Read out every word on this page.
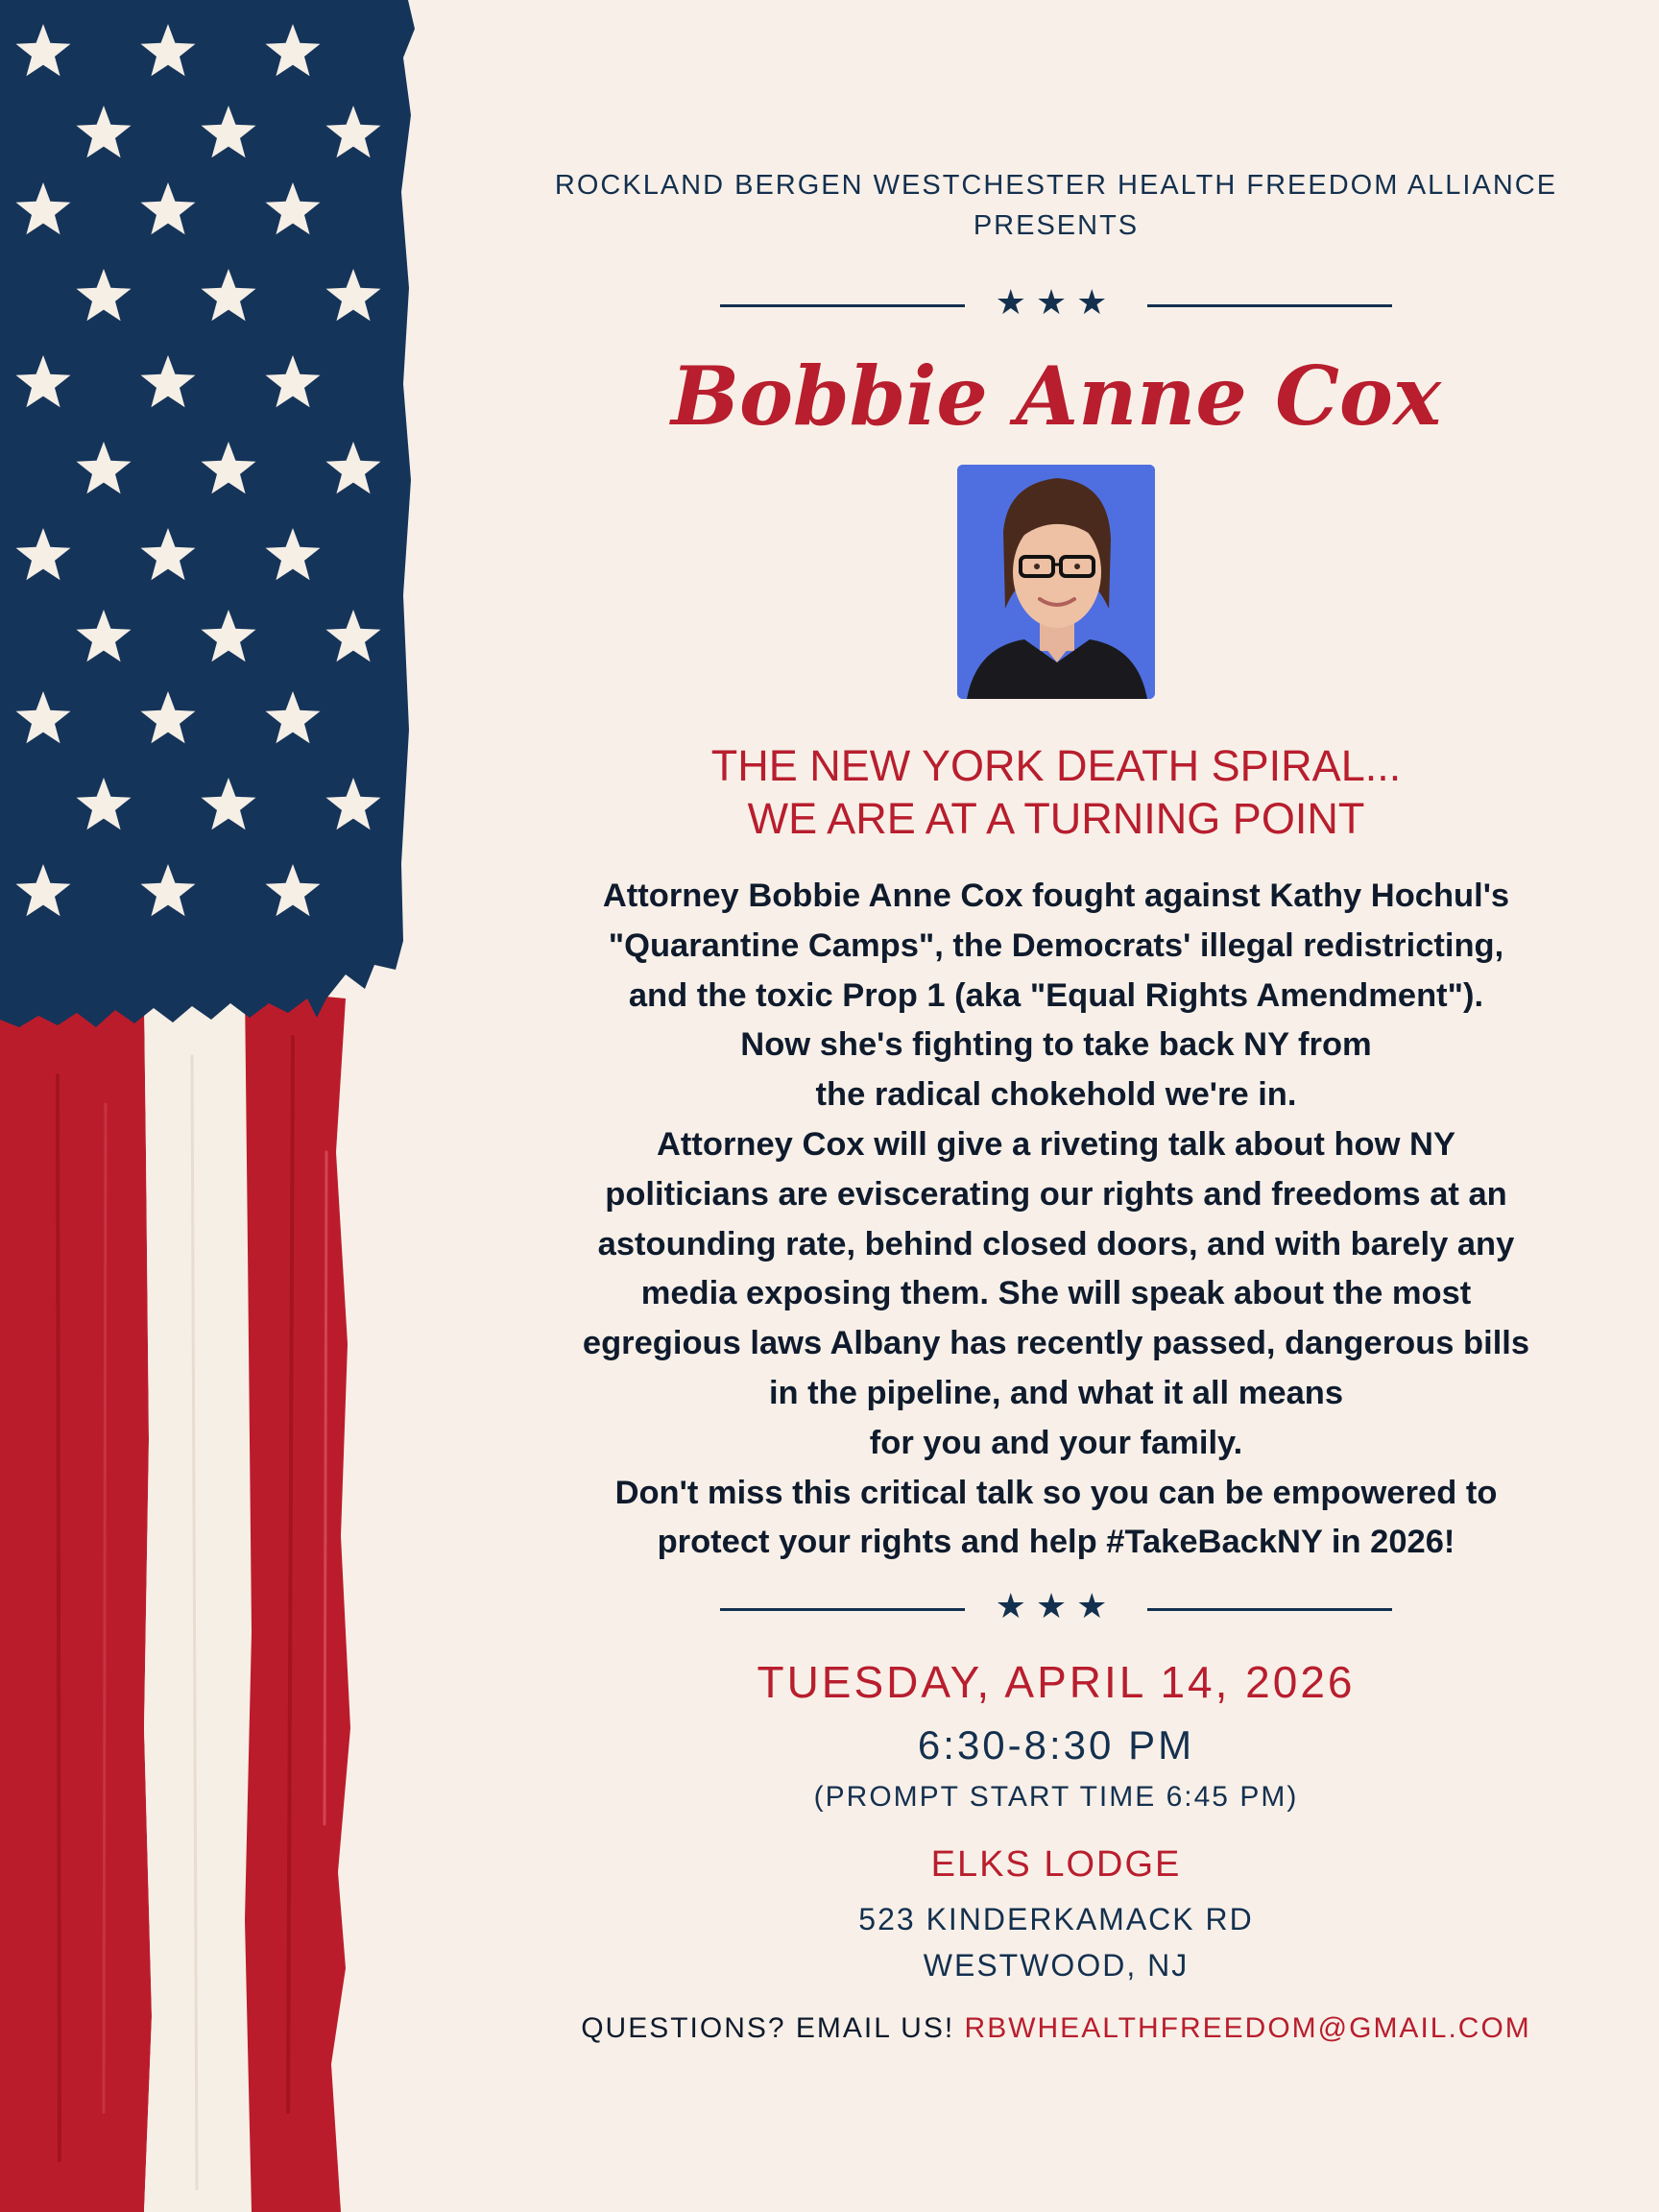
ROCKLAND BERGEN WESTCHESTER HEALTH FREEDOM ALLIANCE
PRESENTS
★★★
Bobbie Anne Cox
THE NEW YORK DEATH SPIRAL...
WE ARE AT A TURNING POINT
Attorney Bobbie Anne Cox fought against Kathy Hochul's
"Quarantine Camps", the Democrats' illegal redistricting,
and the toxic Prop 1 (aka "Equal Rights Amendment").
Now she's fighting to take back NY from
the radical chokehold we're in.
Attorney Cox will give a riveting talk about how NY
politicians are eviscerating our rights and freedoms at an
astounding rate, behind closed doors, and with barely any
media exposing them. She will speak about the most
egregious laws Albany has recently passed, dangerous bills
in the pipeline, and what it all means
for you and your family.
Don't miss this critical talk so you can be empowered to
protect your rights and help #TakeBackNY in 2026!
★★★
TUESDAY, APRIL 14, 2026
6:30-8:30 PM
(PROMPT START TIME 6:45 PM)
ELKS LODGE
523 KINDERKAMACK RD
WESTWOOD, NJ
QUESTIONS? EMAIL US! RBWHEALTHFREEDOM@GMAIL.COM
